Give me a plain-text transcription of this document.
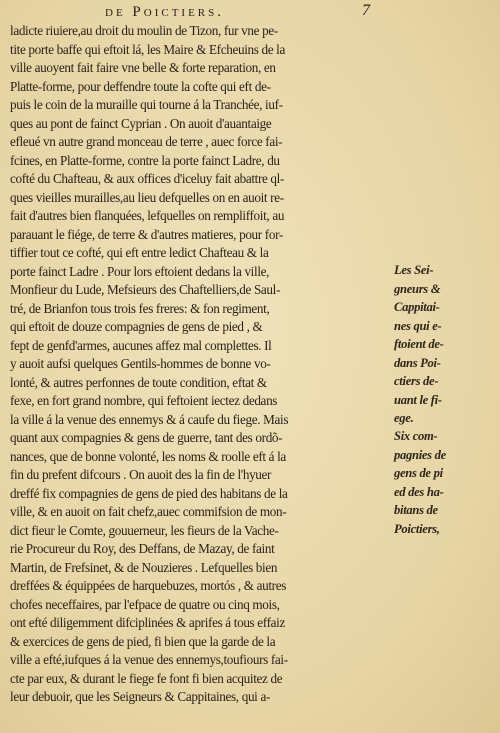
de Poictiers.	7
ladicte riuiere,au droit du moulin de Tizon, fur vne pe-
tite porte baffe qui eftoit lá, les Maire & Efcheuins de la
ville auoyent fait faire vne belle & forte reparation, en
Platte-forme, pour deffendre toute la cofte qui eft de-
puis le coin de la muraille qui tourne á la Tranchée, iuf-
ques au pont de fainct Cyprian . On auoit d'auantaige
efleué vn autre grand monceau de terre , auec force fai-
fcines, en Platte-forme, contre la porte fainct Ladre, du
cofté du Chafteau, & aux offices d'iceluy fait abattre ql-
ques vieilles murailles,au lieu defquelles on en auoit re-
fait d'autres bien flanquées, lefquelles on rempliffoit, au
parauant le fiége, de terre & d'autres matieres, pour for-
tiffier tout ce cofté, qui eft entre ledict Chafteau & la
porte fainct Ladre . Pour lors eftoient dedans la ville,
Monfieur du Lude, Mefsieurs des Chaftelliers,de Saul-
tré, de Brianfon tous trois fes freres: & fon regiment,
qui eftoit de douze compagnies de gens de pied , &
fept de genfd'armes, aucunes affez mal complettes. Il
y auoit aufsi quelques Gentils-hommes de bonne vo-
lonté, & autres perfonnes de toute condition, eftat &
fexe, en fort grand nombre, qui feftoient iectez dedans
la ville á la venue des ennemys & á caufe du fiege. Mais
quant aux compagnies & gens de guerre, tant des ordõ-
nances, que de bonne volonté, les noms & roolle eft á la
fin du prefent difcours . On auoit des la fin de l'hyuer
dreffé fix compagnies de gens de pied des habitans de la
ville, & en auoit on fait chefz,auec commifsion de mon-
dict fieur le Comte, gouuerneur, les fieurs de la Vache-
rie Procureur du Roy, des Deffans, de Mazay, de faint
Martin, de Frefsinet, & de Nouzieres . Lefquelles bien
dreffées & équippées de harquebuzes, mortós , & autres
chofes neceffaires, par l'efpace de quatre ou cinq mois,
ont efté diligemment difciplinées & aprifes á tous effaiz
& exercices de gens de pied, fi bien que la garde de la
ville a efté,iufques á la venue des ennemys,toufiours fai-
cte par eux, & durant le fiege fe font fi bien acquitez de
leur debuoir, que les Seigneurs & Cappitaines, qui a-
Les Sei-
gneurs &
Cappitai-
nes qui e-
ftoient de-
dans Poi-
ctiers de-
uant le fi-
ege.
Six com-
pagnies de
gens de pi
ed des ha-
bitans de
Poictiers,
